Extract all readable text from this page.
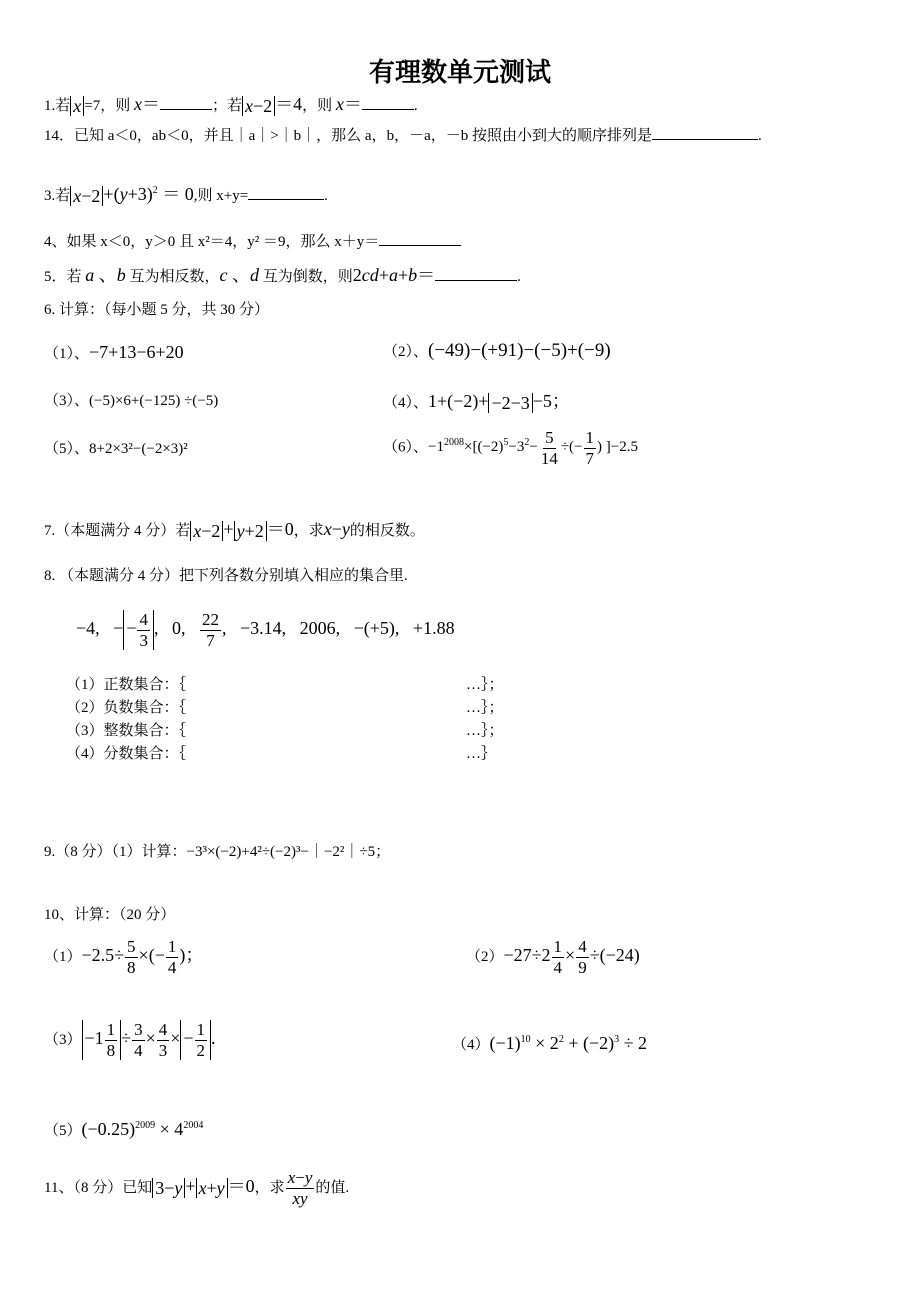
有理数单元测试
1.若 x =7，则 x＝	；若 x−2 ＝4，则 x＝	.
14．已知 a＜0，ab＜0，并且｜a｜>｜b｜，那么 a，b，－a，－b 按照由小到大的顺序排列是	.
3.若 $x-2 +(y+3)^2 = 0$,则 x+y=	.
4、如果 x＜0，y＞0 且 x²＝4，y² ＝9，那么 x＋y＝
5．若 a 、b 互为相反数，c 、d 互为倒数，则2cd+a+b＝	.
6. 计算：（每小题 5 分，共 30 分）
（1）、−7+13−6+20	（2）、(−49)−(+91)−(−5)+(−9)
（3）、(−5)×6+(−125) ÷(−5)	（4）、1+(−2)+ −2−3 −5；
（5）、8+2×3²−(−2×3)²	（6）、$-1^{2008}\times[(-2)^5-3^2- \frac{5}{14}$ ÷(− $\frac{1}{7}$ ) ]−2.5
7.（本题满分 4 分）若 x−2 + y+2 ＝0，求x−y的相反数。
8. （本题满分 4 分）把下列各数分别填入相应的集合里.
−4,   − − $\frac{4}{3}$ ,   0, $\frac{22}{7}$ ,   −3.14,   2006,   −(+5),   +1.88
（1）正数集合：｛	…｝；
（2）负数集合：｛	…｝；
（3）整数集合：｛	…｝；
（4）分数集合：｛	…｝
9.（8 分）（1）计算：−3³×(−2)+4²÷(−2)³−｜−2²｜÷5；
10、计算：（20 分）
$(1)-2.5\div \frac{5}{8}$ ×(− $\frac{1}{4}$ )；	$(2)-27\div 2 \frac{1}{4} \times \frac{4}{9} \div(-24)$
$(3) -1 \frac{1}{8} \div \frac{3}{4} \times \frac{4}{3}$ × − $\frac{1}{2}$ .	$(4)(-1)^{10} \times 2^2 + (-2)^3 \div 2$
$(5)(-0.25)^{2009} \times 4^{2004}$
11、（8 分）已知 3−y + x+y ＝0，求 $\frac{x-y}{xy}$ 的值.
